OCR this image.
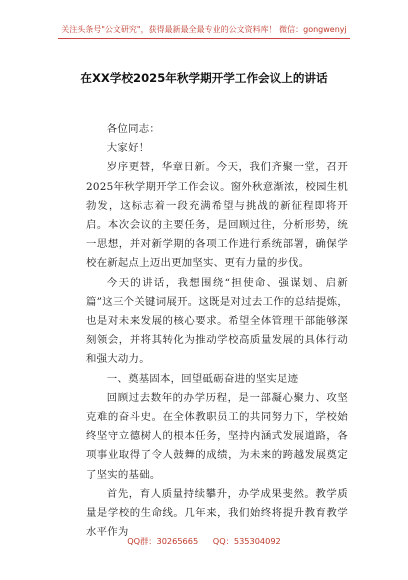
关注头条号"公文研究"，获得最新最全最专业的公文资料库！ 微信：gongwenyj
在XX学校2025年秋学期开学工作会议上的讲话

各位同志：

大家好！

岁序更替，华章日新。今天，我们齐聚一堂，召开2025年秋学期开学工作会议。窗外秋意渐浓，校园生机勃发，这标志着一段充满希望与挑战的新征程即将开启。本次会议的主要任务，是回顾过往，分析形势，统一思想，并对新学期的各项工作进行系统部署，确保学校在新起点上迈出更加坚实、更有力量的步伐。

今天的讲话，我想围绕“担使命、强谋划、启新篇”这三个关键词展开。这既是对过去工作的总结提炼，也是对未来发展的核心要求。希望全体管理干部能够深刻领会，并将其转化为推动学校高质量发展的具体行动和强大动力。

一、奠基固本，回望砥砺奋进的坚实足迹

回顾过去数年的办学历程，是一部凝心聚力、攻坚克难的奋斗史。在全体教职员工的共同努力下，学校始终坚守立德树人的根本任务，坚持内涵式发展道路，各项事业取得了令人鼓舞的成绩，为未来的跨越发展奠定了坚实的基础。

首先，育人质量持续攀升，办学成果斐然。教学质量是学校的生命线。几年来，我们始终将提升教育教学水平作为

QQ群：30265665 QQ：535304092
